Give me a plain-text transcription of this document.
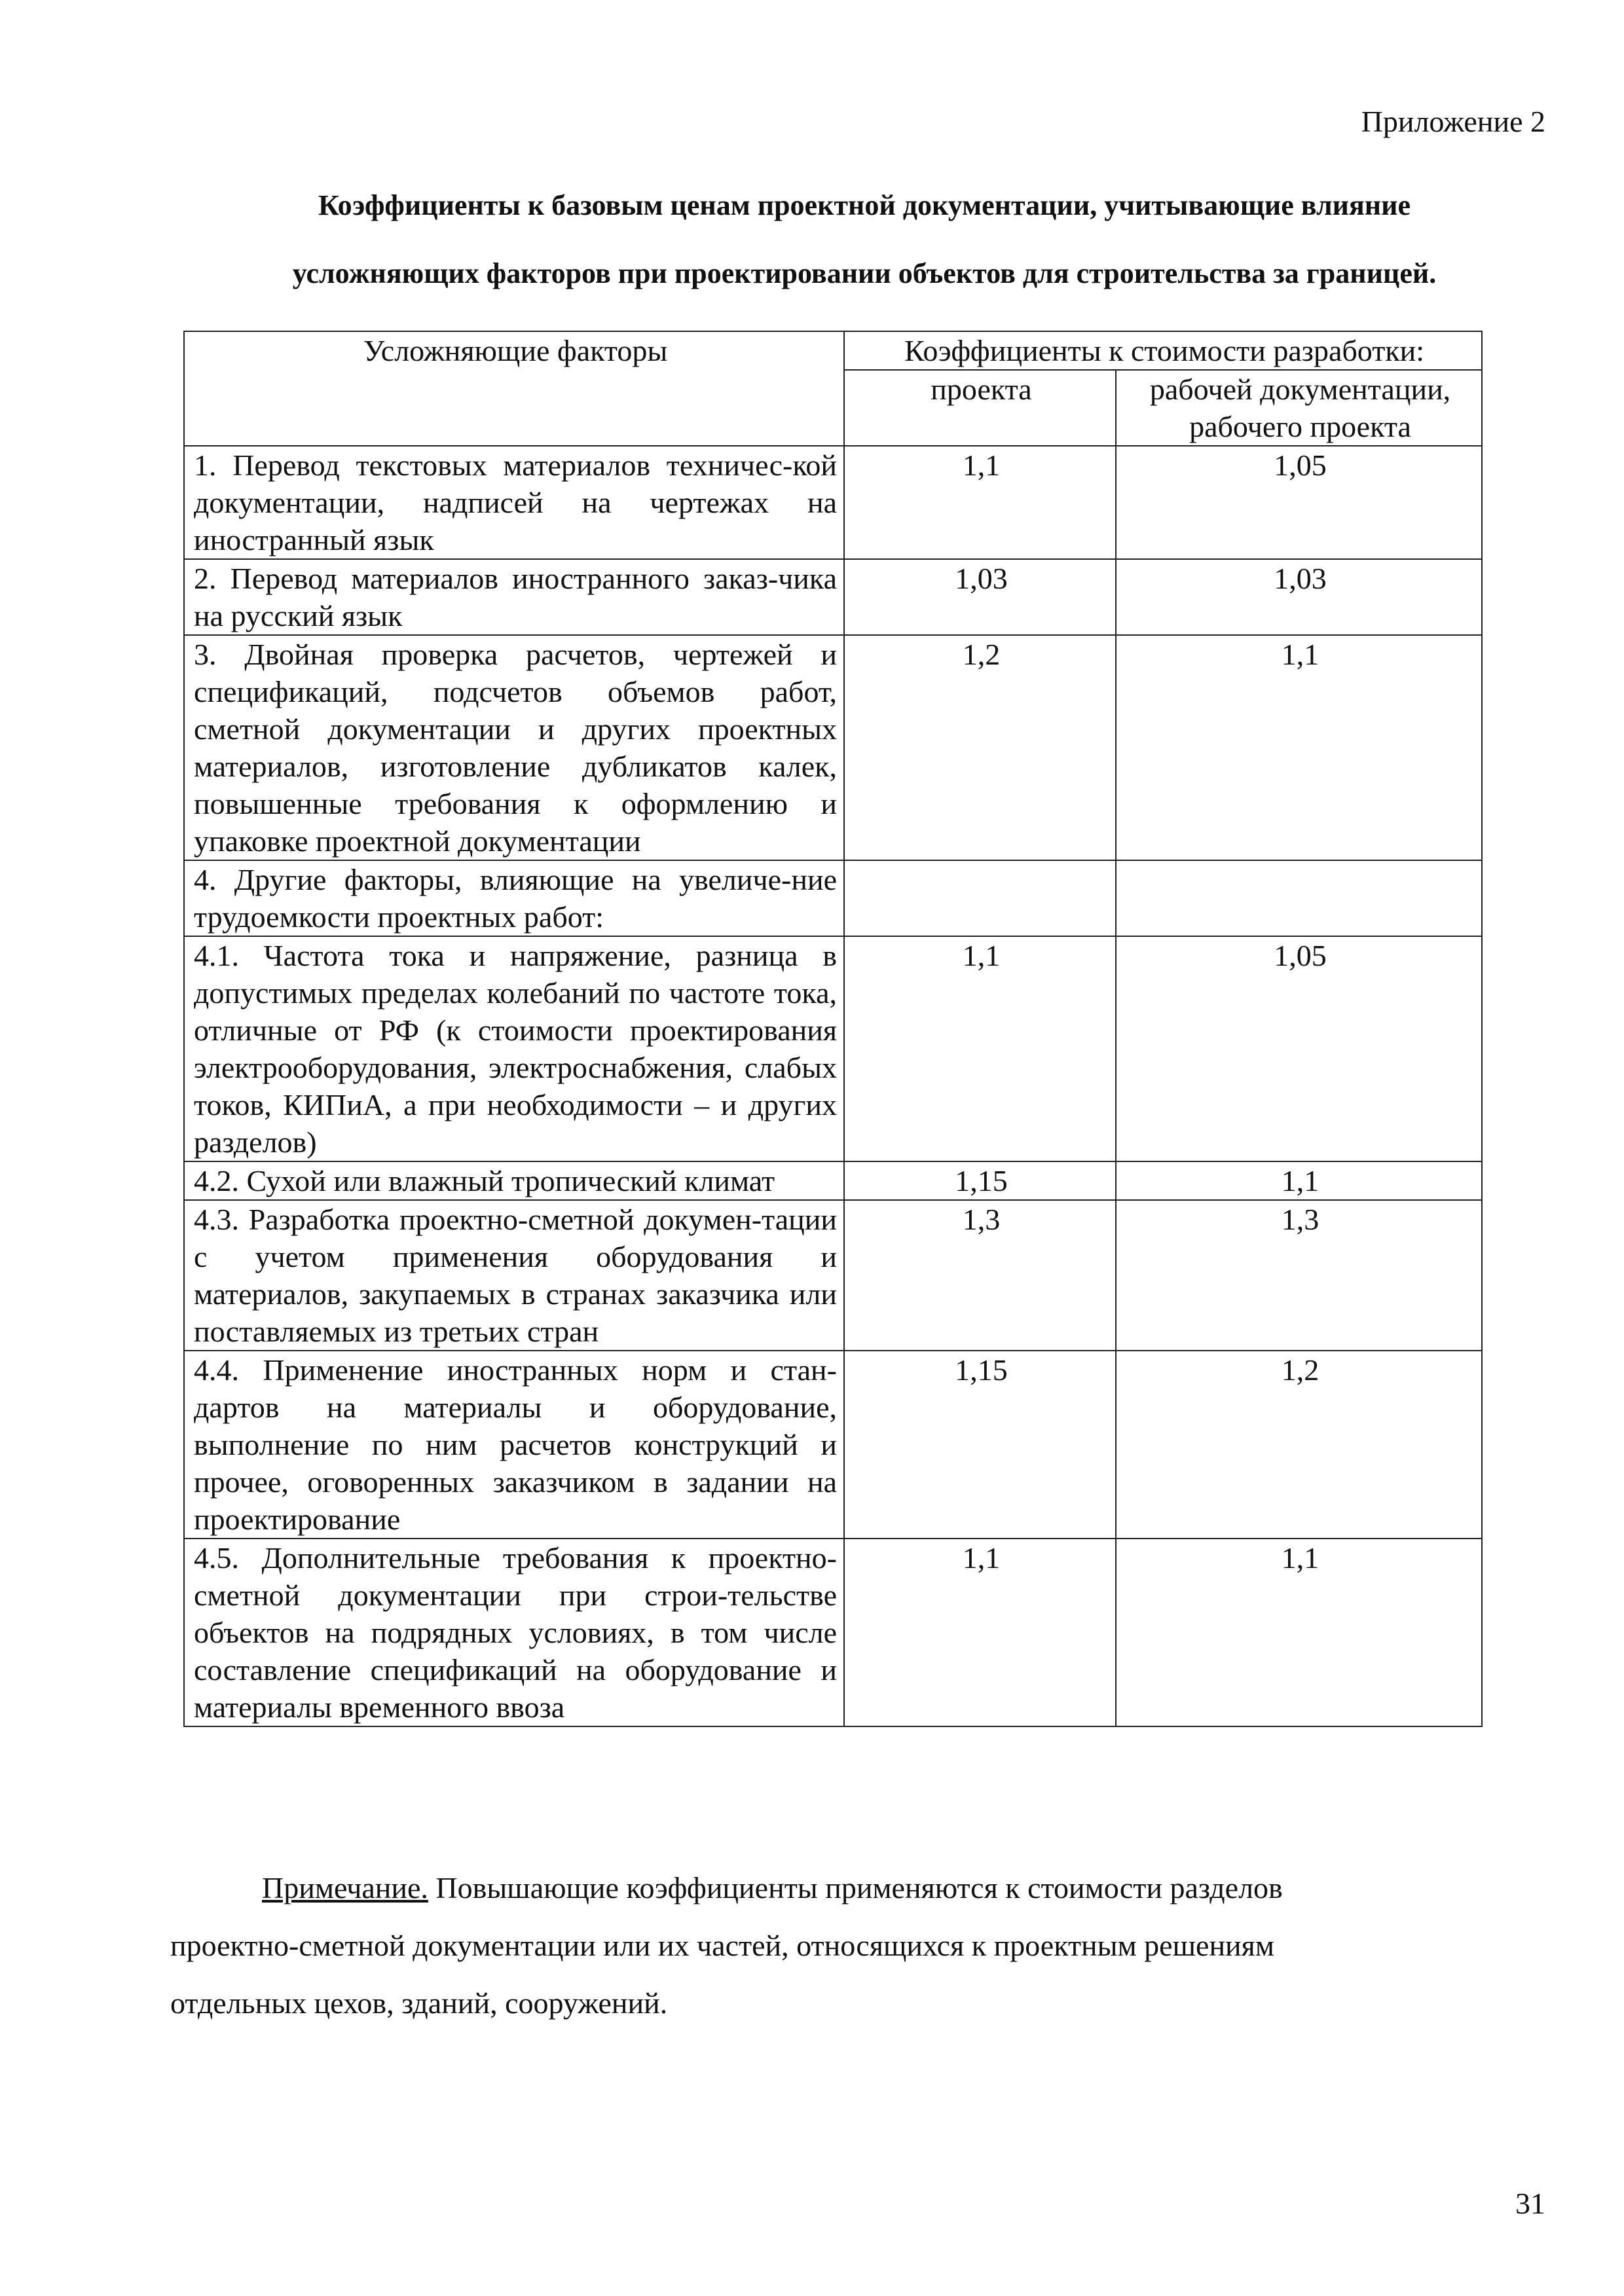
Приложение 2
Коэффициенты к базовым ценам проектной документации, учитывающие влияние
усложняющих факторов при проектировании объектов для строительства за границей.
Усложняющие факторы	Коэффициенты к стоимости разработки:	
	проекта	рабочей документации, рабочего проекта
1. Перевод текстовых материалов техничес-кой документации, надписей на чертежах на иностранный язык	1,1	1,05
2. Перевод материалов иностранного заказ-чика на русский язык	1,03	1,03
3. Двойная проверка расчетов, чертежей и спецификаций, подсчетов объемов работ, сметной документации и других проектных материалов, изготовление дубликатов калек, повышенные требования к оформлению и упаковке проектной документации	1,2	1,1
4. Другие факторы, влияющие на увеличе-ние трудоемкости проектных работ:		
4.1. Частота тока и напряжение, разница в допустимых пределах колебаний по частоте тока, отличные от РФ (к стоимости проектирования электрооборудования, электроснабжения, слабых токов, КИПиА, а при необходимости – и других разделов)	1,1	1,05
4.2. Сухой или влажный тропический климат	1,15	1,1
4.3. Разработка проектно-сметной докумен-тации с учетом применения оборудования и материалов, закупаемых в странах заказчика или поставляемых из третьих стран	1,3	1,3
4.4. Применение иностранных норм и стан-дартов на материалы и оборудование, выполнение по ним расчетов конструкций и прочее, оговоренных заказчиком в задании на проектирование	1,15	1,2
4.5. Дополнительные требования к проектно-сметной документации при строи-тельстве объектов на подрядных условиях, в том числе составление спецификаций на оборудование и материалы временного ввоза	1,1	1,1
Примечание. Повышающие коэффициенты применяются к стоимости разделов
проектно-сметной документации или их частей, относящихся к проектным решениям
отдельных цехов, зданий, сооружений.
31
